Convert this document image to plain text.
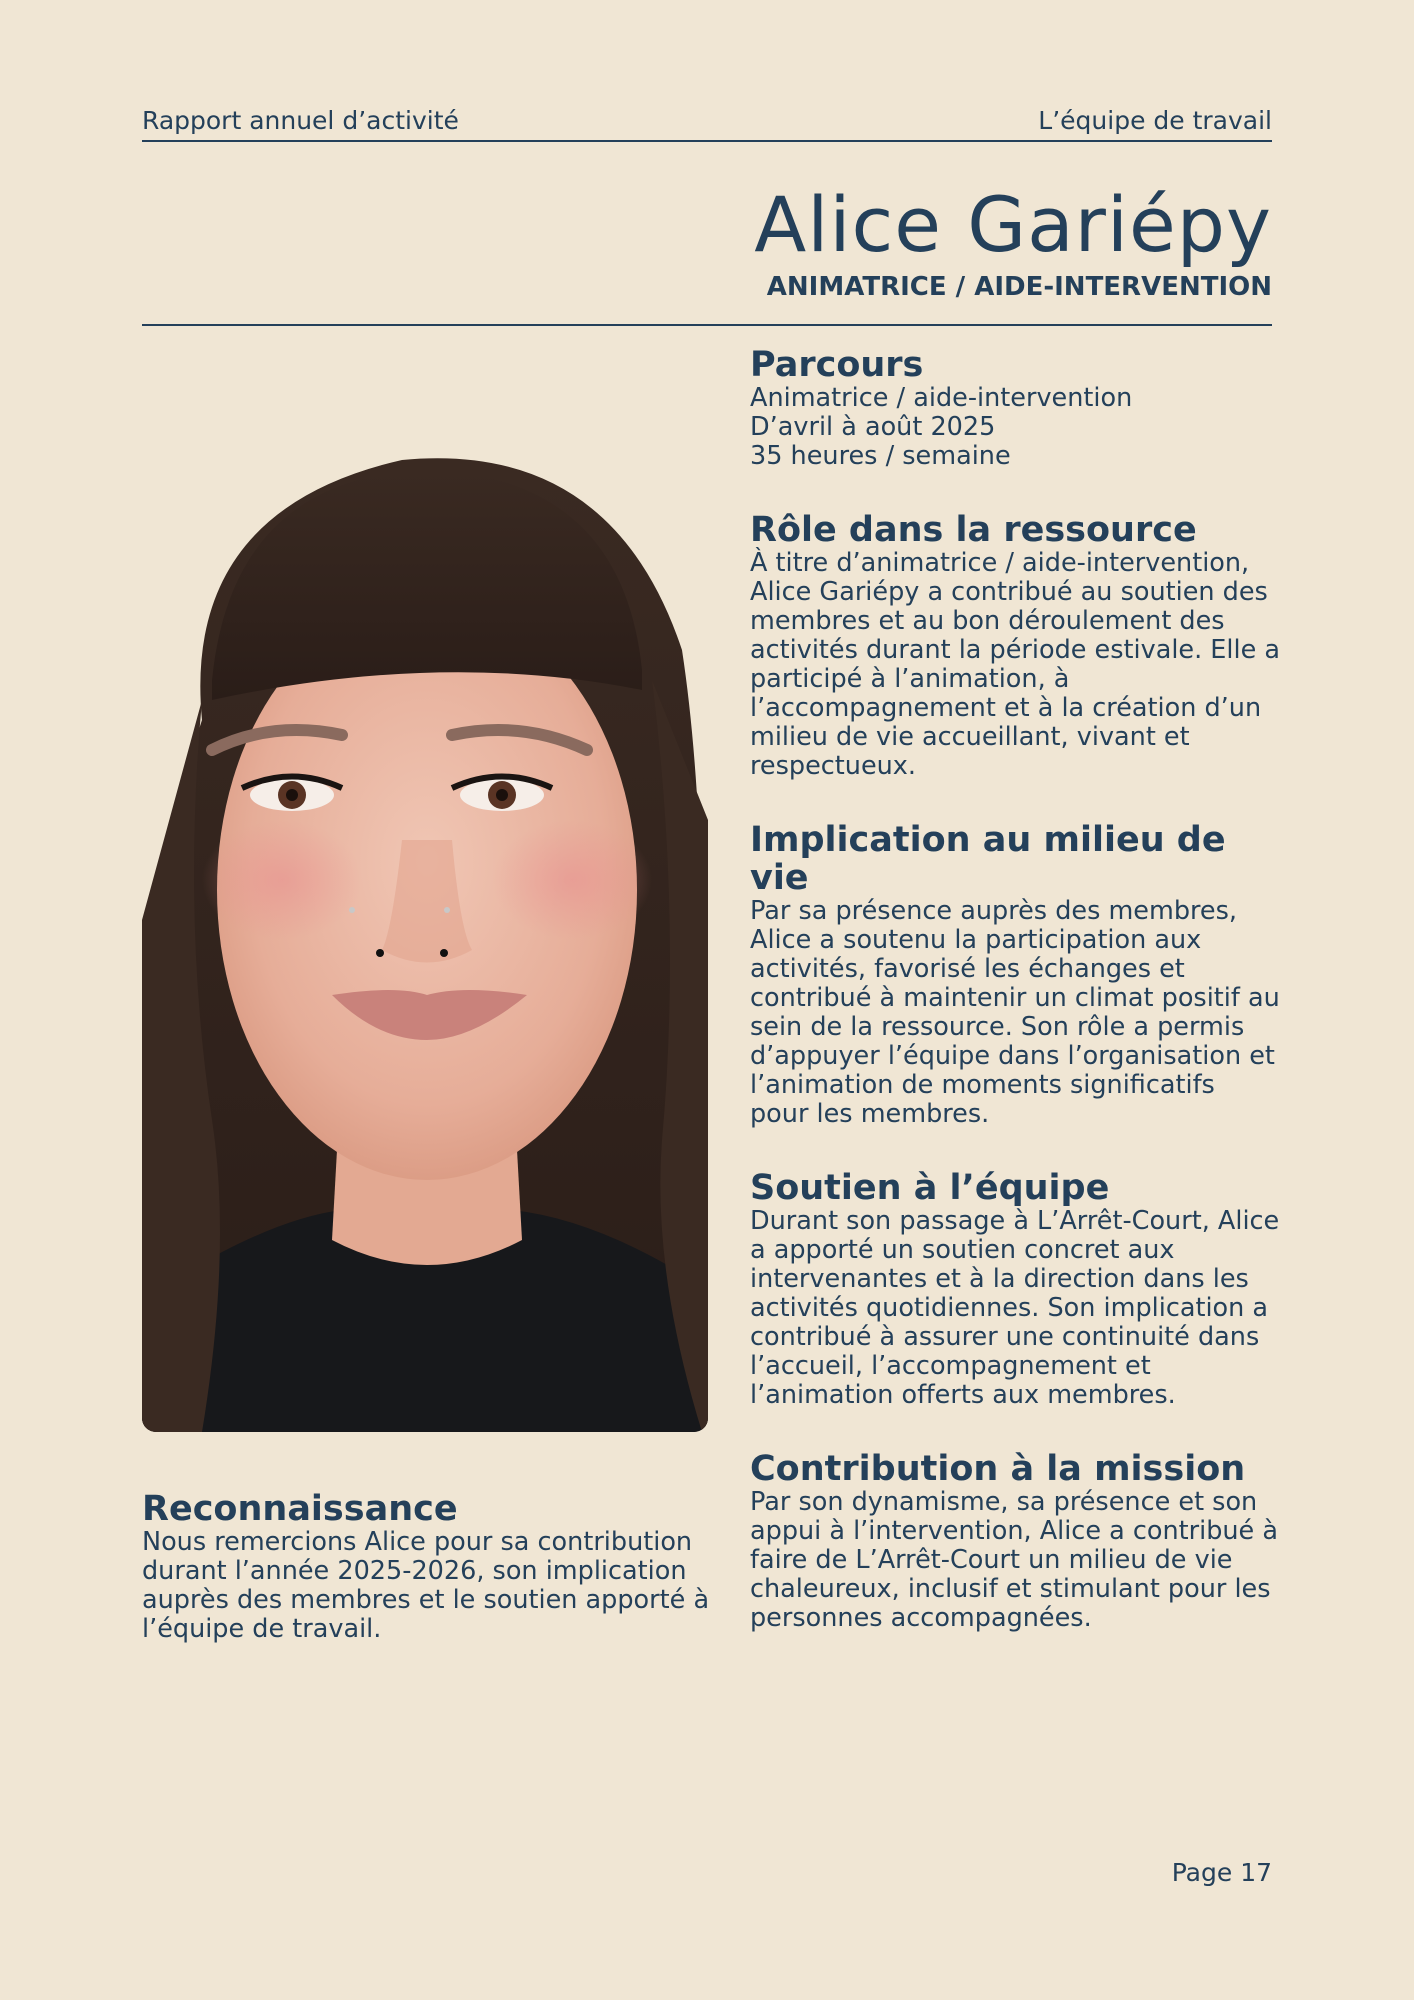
Rapport annuel d’activité	L’équipe de travail
Alice Gariépy
ANIMATRICE / AIDE-INTERVENTION
Parcours

Animatrice / aide-intervention
D’avril à août 2025
35 heures / semaine

Rôle dans la ressource

À titre d’animatrice / aide-intervention, Alice Gariépy a contribué au soutien des membres et au bon déroulement des activités durant la période estivale. Elle a participé à l’animation, à l’accompagnement et à la création d’un milieu de vie accueillant, vivant et respectueux.

Implication au milieu de vie

Par sa présence auprès des membres, Alice a soutenu la participation aux activités, favorisé les échanges et contribué à maintenir un climat positif au sein de la ressource. Son rôle a permis d’appuyer l’équipe dans l’organisation et l’animation de moments significatifs pour les membres.

Soutien à l’équipe

Durant son passage à L’Arrêt-Court, Alice a apporté un soutien concret aux intervenantes et à la direction dans les activités quotidiennes. Son implication a contribué à assurer une continuité dans l’accueil, l’accompagnement et l’animation offerts aux membres.

Contribution à la mission

Par son dynamisme, sa présence et son appui à l’intervention, Alice a contribué à faire de L’Arrêt-Court un milieu de vie chaleureux, inclusif et stimulant pour les personnes accompagnées.

Reconnaissance

Nous remercions Alice pour sa contribution durant l’année 2025-2026, son implication auprès des membres et le soutien apporté à l’équipe de travail.

Page 17
